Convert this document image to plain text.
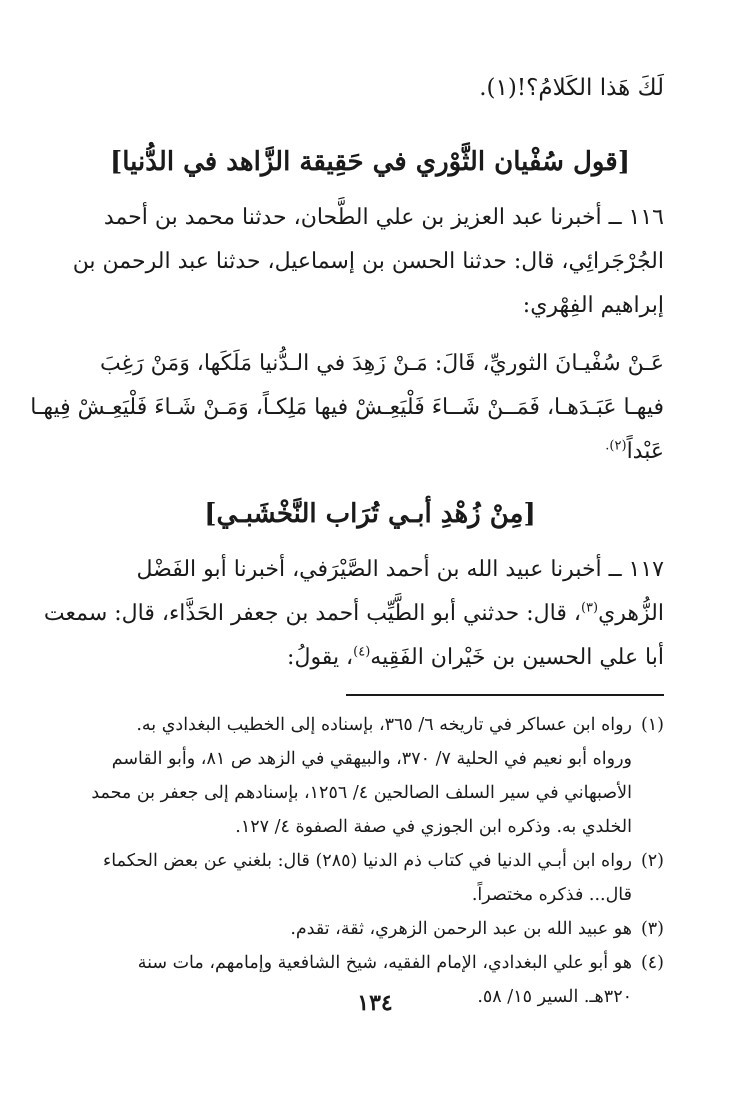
لَكَ هَذا الكَلامُ؟!(١).

[قول سُفْيان الثَّوْري في حَقِيقة الزَّاهد في الدُّنيا]

١١٦ ــ أخبرنا عبد العزيز بن علي الطَّحان، حدثنا محمد بن أحمد

الجُرْجَرائِي، قال: حدثنا الحسن بن إسماعيل، حدثنا عبد الرحمن بن

إبراهيم الفِهْري:

عَـنْ سُفْيـانَ الثوريِّ، قَالَ: مَـنْ زَهِدَ في الـدُّنيا مَلَكَها، وَمَنْ رَغِبَ

فيهـا عَبَـدَهـا، فَمَــنْ شَــاءَ فَلْيَعِـشْ فيها مَلِكـاً، وَمَـنْ شَـاءَ فَلْيَعِـشْ فِيهـا

عَبْداً$^{(٢).}$

[مِنْ زُهْدِ أبـي تُرَاب النَّخْشَبـي]

١١٧ ــ أخبرنا عبيد الله بن أحمد الصَّيْرَفي، أخبرنا أبو الفَضْل

الزُّهري$^{(٣)}$، قال: حدثني أبو الطَّيِّب أحمد بن جعفر الحَذَّاء، قال: سمعت

أبا علي الحسين بن خَيْران الفَقِيه$^{(٤)}$، يقولُ:

(١)

رواه ابن عساكر في تاريخه ٦/ ٣٦٥، بإسناده إلى الخطيب البغدادي به.

ورواه أبو نعيم في الحلية ٧/ ٣٧٠، والبيهقي في الزهد ص ٨١، وأبو القاسم

الأصبهاني في سير السلف الصالحين ٤/ ١٢٥٦، بإسنادهم إلى جعفر بن محمد

الخلدي به. وذكره ابن الجوزي في صفة الصفوة ٤/ ١٢٧.

(٢)

رواه ابن أبـي الدنيا في كتاب ذم الدنيا (٢٨٥) قال: بلغني عن بعض الحكماء

قال... فذكره مختصراً.

(٣)

هو عبيد الله بن عبد الرحمن الزهري، ثقة، تقدم.

(٤)

هو أبو علي البغدادي، الإمام الفقيه، شيخ الشافعية وإمامهم، مات سنة

٣٢٠هـ. السير ١٥/ ٥٨.

١٣٤
